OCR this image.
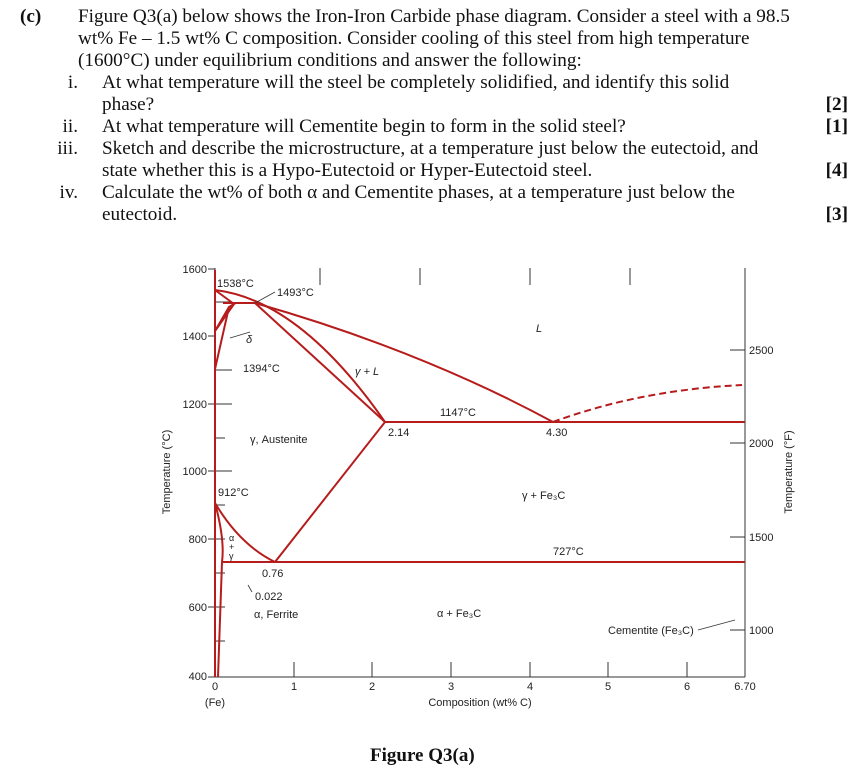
(c) Figure Q3(a) below shows the Iron-Iron Carbide phase diagram. Consider a steel with a 98.5
wt% Fe – 1.5 wt% C composition. Consider cooling of this steel from high temperature
(1600°C) under equilibrium conditions and answer the following:
i. At what temperature will the steel be completely solidified, and identify this solid
phase?	[2]
ii.	At what temperature will Cementite begin to form in the solid steel?	[1]
iii. Sketch and describe the microstructure, at a temperature just below the eutectoid, and
state whether this is a Hypo-Eutectoid or Hyper-Eutectoid steel.	[4]
iv. Calculate the wt% of both α and Cementite phases, at a temperature just below the
eutectoid.	[3]
1600
1400
1200
1000
800
600
400
2500
2000
1500
1000
0	1	2	3	4	5	6	6.70
(Fe)	Composition (wt% C)
Temperature (°C)	Temperature (°F)
1538°C
1493°C
δ
1394°C	γ + L
L
1147°C
2.14	4.30
γ, Austenite
912°C	γ + Fe₃C
α
+
γ	727°C
0.76
0.022
α, Ferrite	α + Fe₃C
Cementite (Fe₃C)
Figure Q3(a)
